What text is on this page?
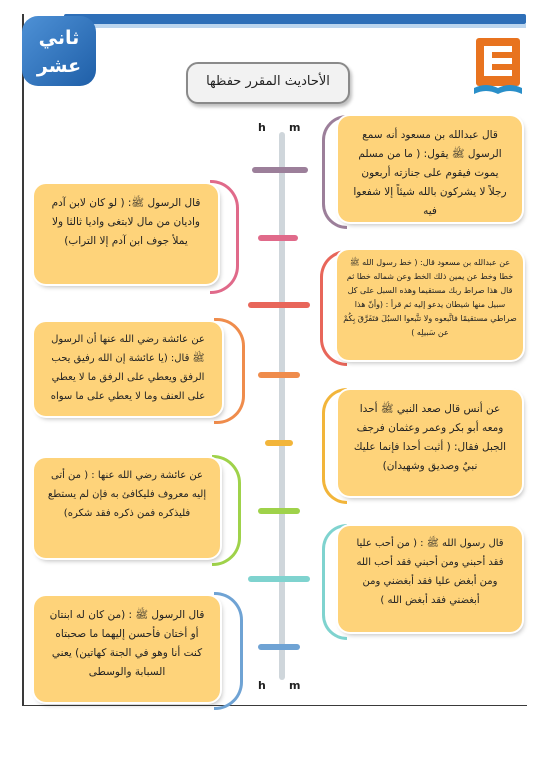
ثاني عشر
الأحاديث المقرر حفظها
h m
h m
قال عبدالله بن مسعود أنه سمع الرسول ﷺ يقول: ( ما من مسلم يموت فيقوم على جنازته أربعون رجلاً لا يشركون بالله شيئاً إلا شفعوا فيه
قال الرسول ﷺ: ( لو كان لابن آدم واديان من مال لابتغى واديا ثالثا ولا يملأ جوف ابن آدم إلا التراب)
عن عبدالله بن مسعود قال: ( خط رسول الله ﷺ خطا وخط عن يمين ذلك الخط وعن شماله خطا ثم قال هذا صراط ربك مستقيما وهذه السبل على كل سبيل منها شيطان يدعو إليه ثم قرأ : (وأنّ هذا صراطي مستقيمًا فاتَّبعوه ولا تتَّبعوا السبُلَ فتَفَرَّقَ بِكُمْ عن سَبيلِه )
عن عائشة رضي الله عنها أن الرسول ﷺ قال: (يا عائشة إن الله رفيق يحب الرفق ويعطي على الرفق ما لا يعطي على العنف وما لا يعطي على ما سواه
عن أنس قال صعد النبي ﷺ أحدا ومعه أبو بكر وعمر وعثمان فرجف الجبل فقال: ( أثبت أحدا فإنما عليك نبيٌ وصديق وشهيدان)
عن عائشة رضي الله عنها : ( من أتى إليه معروف فليكافئ به فإن لم يستطع فليذكره فمن ذكره فقد شكره)
قال رسول الله ﷺ : ( من أحب عليا فقد أحبني ومن أحبني فقد أحب الله ومن أبغض عليا فقد أبغضني ومن أبغضني فقد أبغض الله )
قال الرسول ﷺ : (من كان له ابنتان أو أختان فأحسن إليهما ما صحبتاه كنت أنا وهو في الجنة كهاتين) يعني السبابة والوسطى
